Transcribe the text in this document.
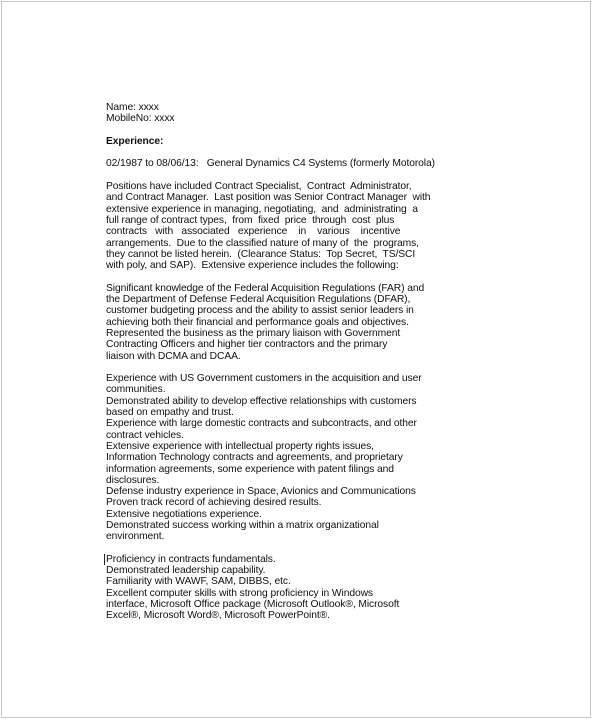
Name: xxxx
MobileNo: xxxx
Experience:
02/1987 to 08/06/13:   General Dynamics C4 Systems (formerly Motorola)
Positions have included Contract Specialist,  Contract  Administrator,
and Contract Manager.  Last position was Senior Contract Manager  with
extensive experience in managing, negotiating,  and  administrating  a
full range of contract types,  from  fixed  price  through  cost  plus
contracts   with   associated   experience    in    various    incentive
arrangements.  Due to the classified nature of many of  the  programs,
they cannot be listed herein.  (Clearance Status:  Top Secret,  TS/SCI
with poly, and SAP).  Extensive experience includes the following:
Significant knowledge of the Federal Acquisition Regulations (FAR) and
the Department of Defense Federal Acquisition Regulations (DFAR),
customer budgeting process and the ability to assist senior leaders in
achieving both their financial and performance goals and objectives.
Represented the business as the primary liaison with Government
Contracting Officers and higher tier contractors and the primary
liaison with DCMA and DCAA.
Experience with US Government customers in the acquisition and user
communities.
Demonstrated ability to develop effective relationships with customers
based on empathy and trust.
Experience with large domestic contracts and subcontracts, and other
contract vehicles.
Extensive experience with intellectual property rights issues,
Information Technology contracts and agreements, and proprietary
information agreements, some experience with patent filings and
disclosures.
Defense industry experience in Space, Avionics and Communications
Proven track record of achieving desired results.
Extensive negotiations experience.
Demonstrated success working within a matrix organizational
environment.
Proficiency in contracts fundamentals.
Demonstrated leadership capability.
Familiarity with WAWF, SAM, DIBBS, etc.
Excellent computer skills with strong proficiency in Windows
interface, Microsoft Office package (Microsoft Outlook®, Microsoft
Excel®, Microsoft Word®, Microsoft PowerPoint®.
